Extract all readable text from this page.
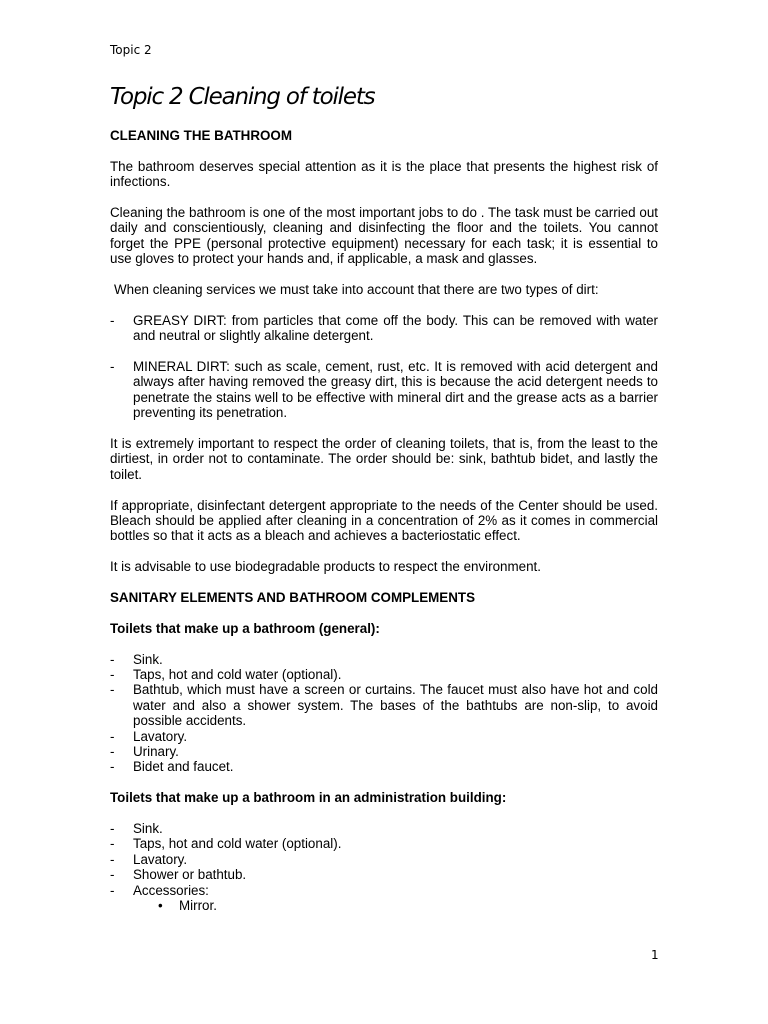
Topic 2
Topic 2 Cleaning of toilets

CLEANING THE BATHROOM

The bathroom deserves special attention as it is the place that presents the highest risk of infections.

Cleaning the bathroom is one of the most important jobs to do . The task must be carried out daily and conscientiously, cleaning and disinfecting the floor and the toilets. You cannot forget the PPE (personal protective equipment) necessary for each task; it is essential to use gloves to protect your hands and, if applicable, a mask and glasses.

When cleaning services we must take into account that there are two types of dirt:

-	GREASY DIRT: from particles that come off the body. This can be removed with water and neutral or slightly alkaline detergent.
-	MINERAL DIRT: such as scale, cement, rust, etc. It is removed with acid detergent and always after having removed the greasy dirt, this is because the acid detergent needs to penetrate the stains well to be effective with mineral dirt and the grease acts as a barrier preventing its penetration.

It is extremely important to respect the order of cleaning toilets, that is, from the least to the dirtiest, in order not to contaminate. The order should be: sink, bathtub bidet, and lastly the toilet.

If appropriate, disinfectant detergent appropriate to the needs of the Center should be used. Bleach should be applied after cleaning in a concentration of 2% as it comes in commercial bottles so that it acts as a bleach and achieves a bacteriostatic effect.

It is advisable to use biodegradable products to respect the environment.

SANITARY ELEMENTS AND BATHROOM COMPLEMENTS

Toilets that make up a bathroom (general):

-	Sink.
-	Taps, hot and cold water (optional).
-	Bathtub, which must have a screen or curtains. The faucet must also have hot and cold water and also a shower system. The bases of the bathtubs are non-slip, to avoid possible accidents.
-	Lavatory.
-	Urinary.
-	Bidet and faucet.

Toilets that make up a bathroom in an administration building:

-	Sink.
-	Taps, hot and cold water (optional).
-	Lavatory.
-	Shower or bathtub.
-	Accessories:
•	Mirror.
1
